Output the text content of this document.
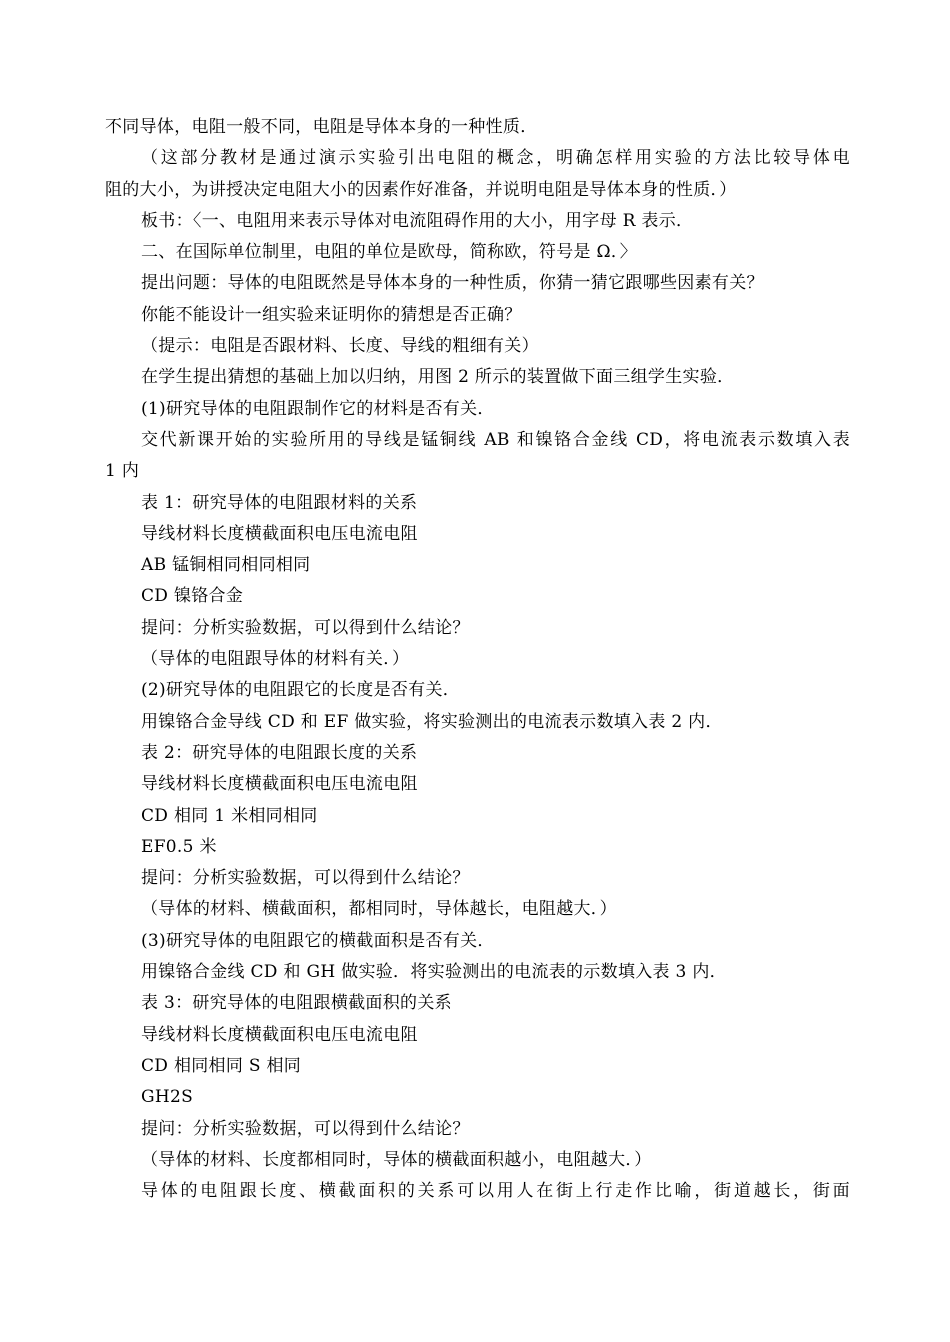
不同导体，电阻一般不同，电阻是导体本身的一种性质．
（这部分教材是通过演示实验引出电阻的概念，明确怎样用实验的方法比较导体电
阻的大小，为讲授决定电阻大小的因素作好准备，并说明电阻是导体本身的性质．）
板书：〈一、电阻用来表示导体对电流阻碍作用的大小，用字母 R 表示．
二、在国际单位制里，电阻的单位是欧母，简称欧，符号是 Ω．〉
提出问题：导体的电阻既然是导体本身的一种性质，你猜一猜它跟哪些因素有关？
你能不能设计一组实验来证明你的猜想是否正确？
（提示：电阻是否跟材料、长度、导线的粗细有关）
在学生提出猜想的基础上加以归纳，用图 2 所示的装置做下面三组学生实验．
(1)研究导体的电阻跟制作它的材料是否有关．
交代新课开始的实验所用的导线是锰铜线 AB 和镍铬合金线 CD，将电流表示数填入表
1 内
表 1：研究导体的电阻跟材料的关系
导线材料长度横截面积电压电流电阻
AB 锰铜相同相同相同
CD 镍铬合金
提问：分析实验数据，可以得到什么结论？
（导体的电阻跟导体的材料有关．）
(2)研究导体的电阻跟它的长度是否有关．
用镍铬合金导线 CD 和 EF 做实验，将实验测出的电流表示数填入表 2 内．
表 2：研究导体的电阻跟长度的关系
导线材料长度横截面积电压电流电阻
CD 相同 1 米相同相同
EF0.5 米
提问：分析实验数据，可以得到什么结论？
（导体的材料、横截面积，都相同时，导体越长，电阻越大．）
(3)研究导体的电阻跟它的横截面积是否有关．
用镍铬合金线 CD 和 GH 做实验．将实验测出的电流表的示数填入表 3 内．
表 3：研究导体的电阻跟横截面积的关系
导线材料长度横截面积电压电流电阻
CD 相同相同 S 相同
GH2S
提问：分析实验数据，可以得到什么结论？
（导体的材料、长度都相同时，导体的横截面积越小，电阻越大．）
导体的电阻跟长度、横截面积的关系可以用人在街上行走作比喻，街道越长，街面
